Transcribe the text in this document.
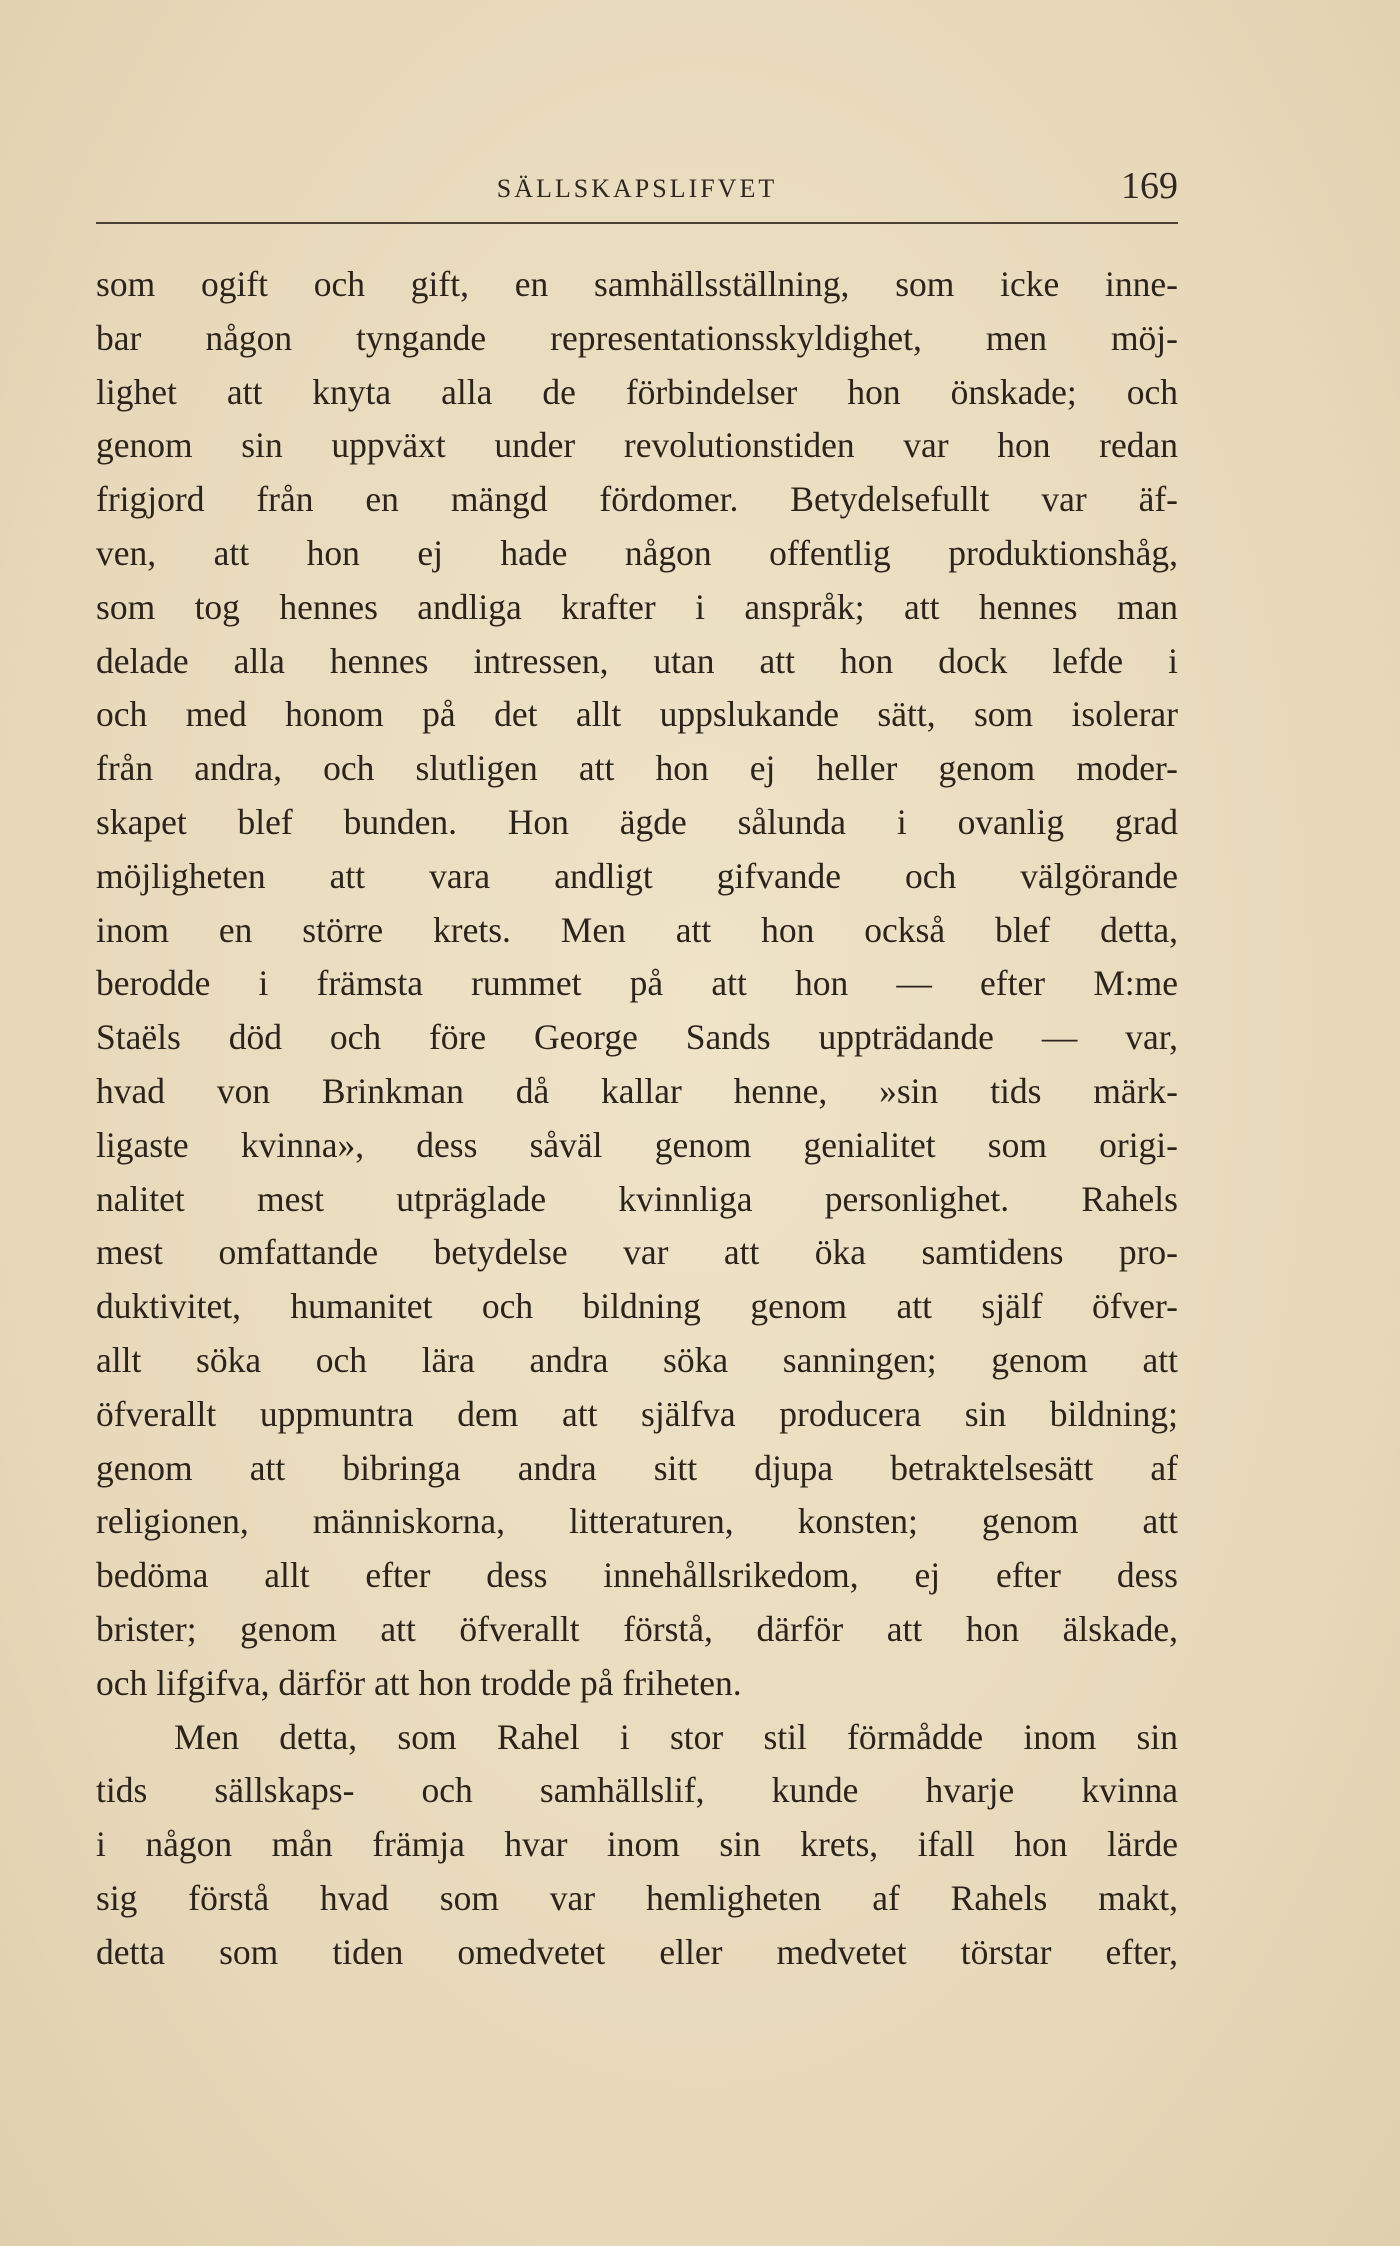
SÄLLSKAPSLIFVET	169
som ogift och gift, en samhällsställning, som icke inne-
bar någon tyngande representationsskyldighet, men möj-
lighet att knyta alla de förbindelser hon önskade; och
genom sin uppväxt under revolutionstiden var hon redan
frigjord från en mängd fördomer. Betydelsefullt var äf-
ven, att hon ej hade någon offentlig produktionshåg,
som tog hennes andliga krafter i anspråk; att hennes man
delade alla hennes intressen, utan att hon dock lefde i
och med honom på det allt uppslukande sätt, som isolerar
från andra, och slutligen att hon ej heller genom moder-
skapet blef bunden. Hon ägde sålunda i ovanlig grad
möjligheten att vara andligt gifvande och välgörande
inom en större krets. Men att hon också blef detta,
berodde i främsta rummet på att hon — efter M:me
Staëls död och före George Sands uppträdande — var,
hvad von Brinkman då kallar henne, »sin tids märk-
ligaste kvinna», dess såväl genom genialitet som origi-
nalitet mest utpräglade kvinnliga personlighet. Rahels
mest omfattande betydelse var att öka samtidens pro-
duktivitet, humanitet och bildning genom att själf öfver-
allt söka och lära andra söka sanningen; genom att
öfverallt uppmuntra dem att själfva producera sin bildning;
genom att bibringa andra sitt djupa betraktelsesätt af
religionen, människorna, litteraturen, konsten; genom att
bedöma allt efter dess innehållsrikedom, ej efter dess
brister; genom att öfverallt förstå, därför att hon älskade,
och lifgifva, därför att hon trodde på friheten.
Men detta, som Rahel i stor stil förmådde inom sin
tids sällskaps- och samhällslif, kunde hvarje kvinna
i någon mån främja hvar inom sin krets, ifall hon lärde
sig förstå hvad som var hemligheten af Rahels makt,
detta som tiden omedvetet eller medvetet törstar efter,
